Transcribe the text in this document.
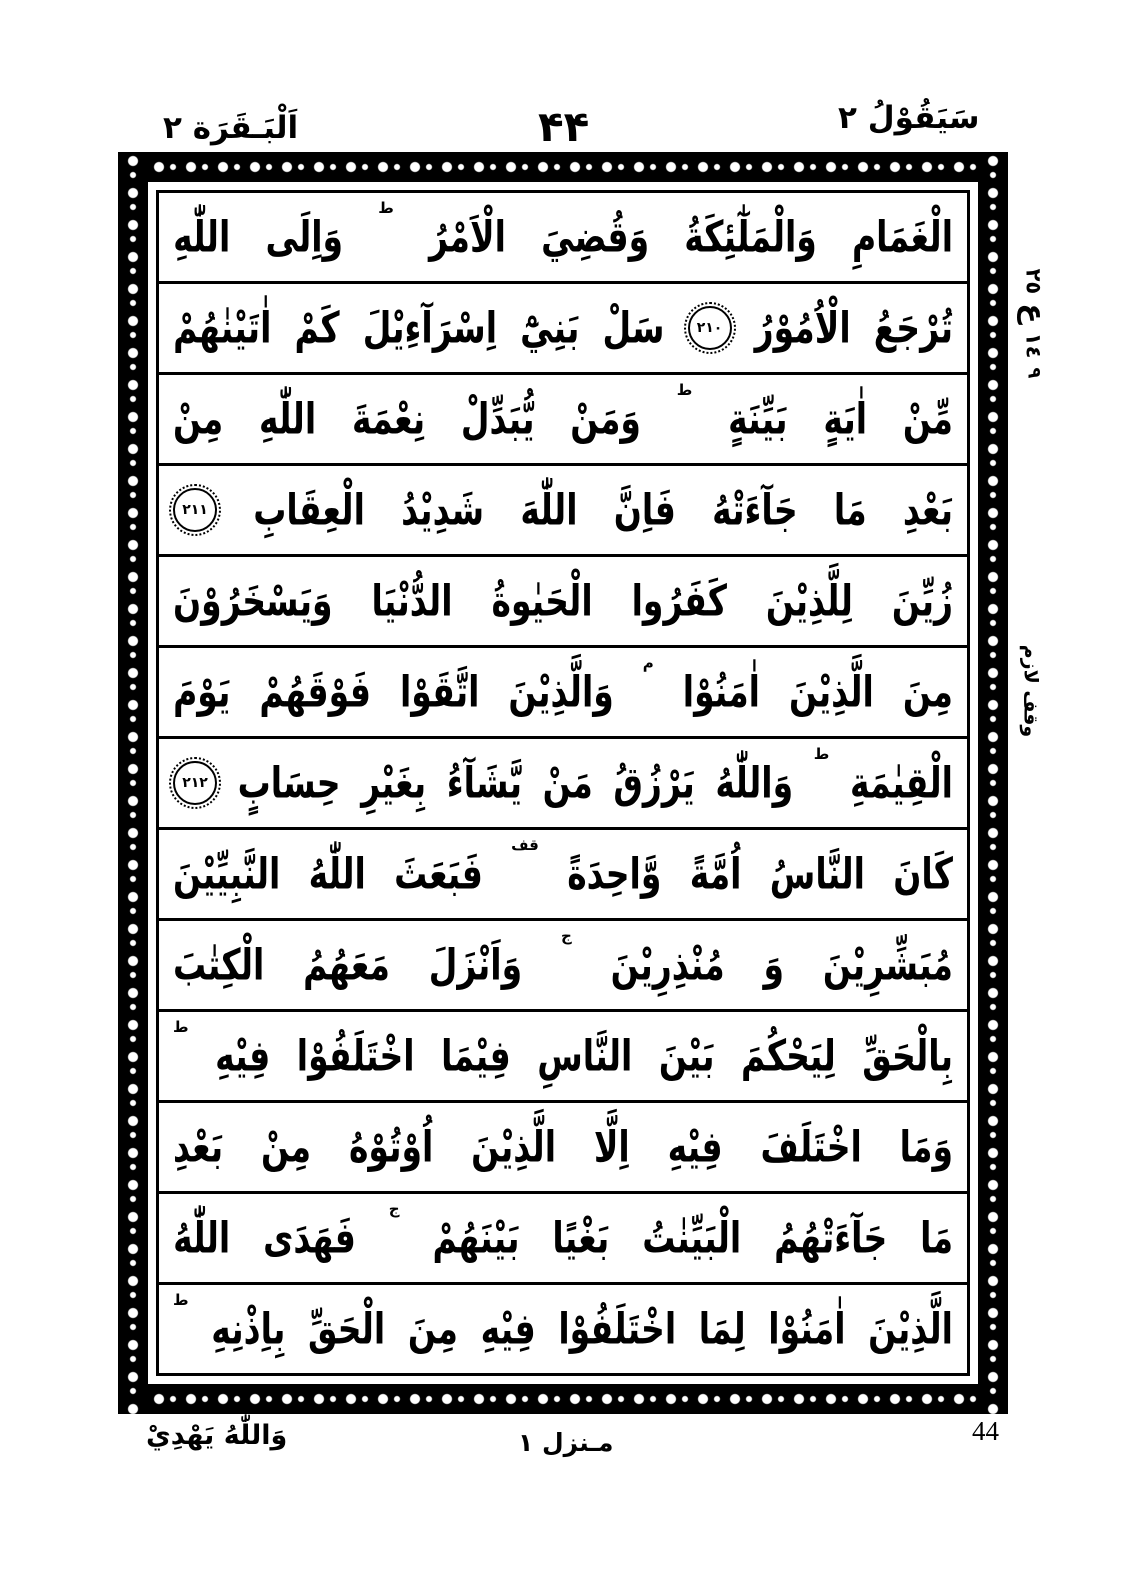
اَلْبَـقَرَة ٢	۴۴	سَيَقُوْلُ ٢
الْغَمَامِ
وَالْمَلٰٓئِكَةُ
وَقُضِيَ
الْاَمْرُ
ط
وَاِلَى
اللّٰهِ
تُرْجَعُ
الْاُمُوْرُ
٢١٠
سَلْ
بَنِيْٓ
اِسْرَآءِيْلَ
كَمْ
اٰتَيْنٰهُمْ
مِّنْ
اٰيَةٍ
بَيِّنَةٍ
ط
وَمَنْ
يُّبَدِّلْ
نِعْمَةَ
اللّٰهِ
مِنْ
بَعْدِ
مَا
جَآءَتْهُ
فَاِنَّ
اللّٰهَ
شَدِيْدُ
الْعِقَابِ
٢١١
زُيِّنَ
لِلَّذِيْنَ
كَفَرُوا
الْحَيٰوةُ
الدُّنْيَا
وَيَسْخَرُوْنَ
مِنَ
الَّذِيْنَ
اٰمَنُوْا
م
وَالَّذِيْنَ
اتَّقَوْا
فَوْقَهُمْ
يَوْمَ
الْقِيٰمَةِ
ط
وَاللّٰهُ
يَرْزُقُ
مَنْ
يَّشَآءُ
بِغَيْرِ
حِسَابٍ
٢١٢
كَانَ
النَّاسُ
اُمَّةً
وَّاحِدَةً
قف
فَبَعَثَ
اللّٰهُ
النَّبِيِّيْنَ
مُبَشِّرِيْنَ
وَ
مُنْذِرِيْنَ
ج
وَاَنْزَلَ
مَعَهُمُ
الْكِتٰبَ
بِالْحَقِّ
لِيَحْكُمَ
بَيْنَ
النَّاسِ
فِيْمَا
اخْتَلَفُوْا
فِيْهِ
ط
وَمَا
اخْتَلَفَ
فِيْهِ
اِلَّا
الَّذِيْنَ
اُوْتُوْهُ
مِنْ
بَعْدِ
مَا
جَآءَتْهُمُ
الْبَيِّنٰتُ
بَغْيًا
بَيْنَهُمْ
ج
فَهَدَى
اللّٰهُ
الَّذِيْنَ
اٰمَنُوْا
لِمَا
اخْتَلَفُوْا
فِيْهِ
مِنَ
الْحَقِّ
بِاِذْنِهِ
ط
٢٥
ع
١٤
٩
وقف لازم
وَاللّٰهُ يَهْدِيْ	مـنزل ١	44
